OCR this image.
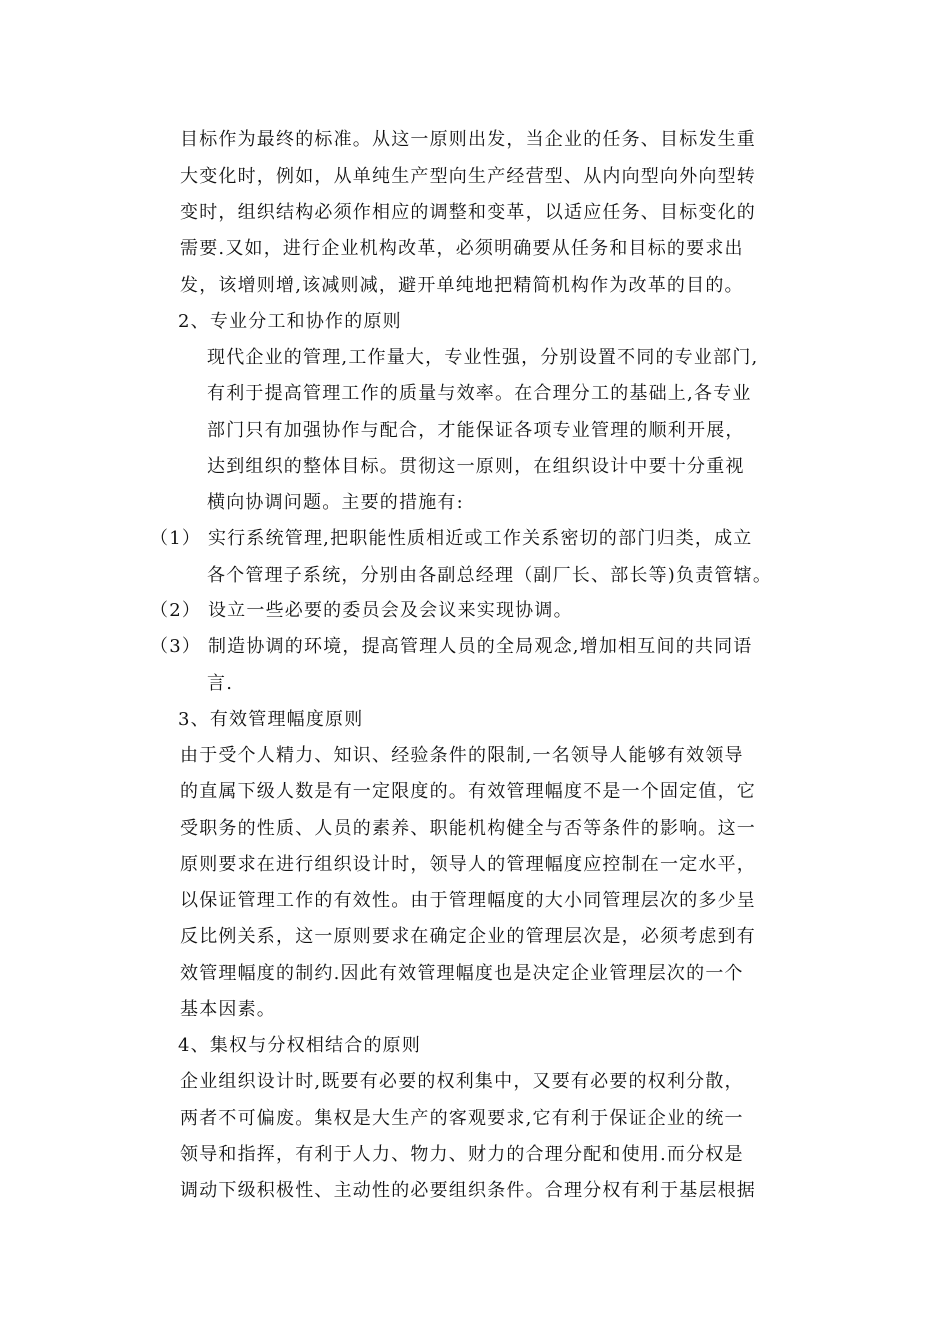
目标作为最终的标准。从这一原则出发，当企业的任务、目标发生重
大变化时，例如，从单纯生产型向生产经营型、从内向型向外向型转
变时，组织结构必须作相应的调整和变革，以适应任务、目标变化的
需要.又如，进行企业机构改革，必须明确要从任务和目标的要求出
发，该增则增,该减则减，避开单纯地把精简机构作为改革的目的。
2、专业分工和协作的原则
现代企业的管理,工作量大，专业性强，分别设置不同的专业部门,
有利于提高管理工作的质量与效率。在合理分工的基础上,各专业
部门只有加强协作与配合，才能保证各项专业管理的顺利开展，
达到组织的整体目标。贯彻这一原则，在组织设计中要十分重视
横向协调问题。主要的措施有:
（1） 实行系统管理,把职能性质相近或工作关系密切的部门归类，成立
各个管理子系统，分别由各副总经理（副厂长、部长等)负责管辖。
（2） 设立一些必要的委员会及会议来实现协调。
（3） 制造协调的环境，提高管理人员的全局观念,增加相互间的共同语
言.
3、有效管理幅度原则
由于受个人精力、知识、经验条件的限制,一名领导人能够有效领导
的直属下级人数是有一定限度的。有效管理幅度不是一个固定值，它
受职务的性质、人员的素养、职能机构健全与否等条件的影响。这一
原则要求在进行组织设计时，领导人的管理幅度应控制在一定水平，
以保证管理工作的有效性。由于管理幅度的大小同管理层次的多少呈
反比例关系，这一原则要求在确定企业的管理层次是，必须考虑到有
效管理幅度的制约.因此有效管理幅度也是决定企业管理层次的一个
基本因素。
4、集权与分权相结合的原则
企业组织设计时,既要有必要的权利集中，又要有必要的权利分散，
两者不可偏废。集权是大生产的客观要求,它有利于保证企业的统一
领导和指挥，有利于人力、物力、财力的合理分配和使用.而分权是
调动下级积极性、主动性的必要组织条件。合理分权有利于基层根据
